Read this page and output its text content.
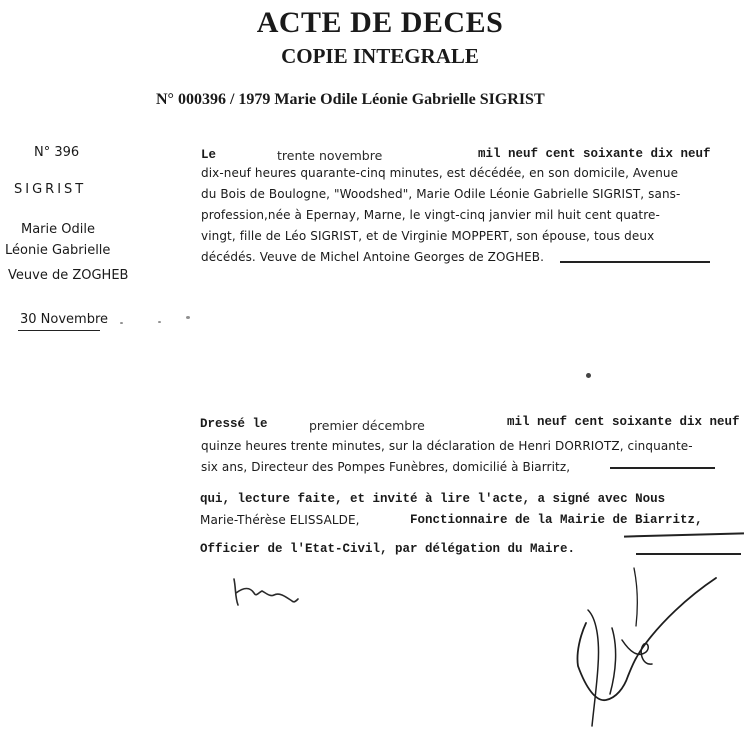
ACTE DE DECES
COPIE INTEGRALE
N° 000396 / 1979 Marie Odile Léonie Gabrielle SIGRIST
N° 396
SIGRIST
Marie Odile
Léonie Gabrielle
Veuve de ZOGHEB
30 Novembre
Le	trente novembre	mil neuf cent soixante dix neuf
dix-neuf heures quarante-cinq minutes, est décédée, en son domicile, Avenue
du Bois de Boulogne, "Woodshed", Marie Odile Léonie Gabrielle SIGRIST, sans-
profession,née à Epernay, Marne, le vingt-cinq janvier mil huit cent quatre-
vingt, fille de Léo SIGRIST, et de Virginie MOPPERT, son épouse, tous deux
décédés. Veuve de Michel Antoine Georges de ZOGHEB.
Dressé le	premier décembre	mil neuf cent soixante dix neuf
quinze heures trente minutes, sur la déclaration de Henri DORRIOTZ, cinquante-
six ans, Directeur des Pompes Funèbres, domicilié à Biarritz,
qui, lecture faite, et invité à lire l'acte, a signé avec Nous
Marie-Thérèse ELISSALDE,	Fonctionnaire de la Mairie de Biarritz,
Officier de l'Etat-Civil, par délégation du Maire.
